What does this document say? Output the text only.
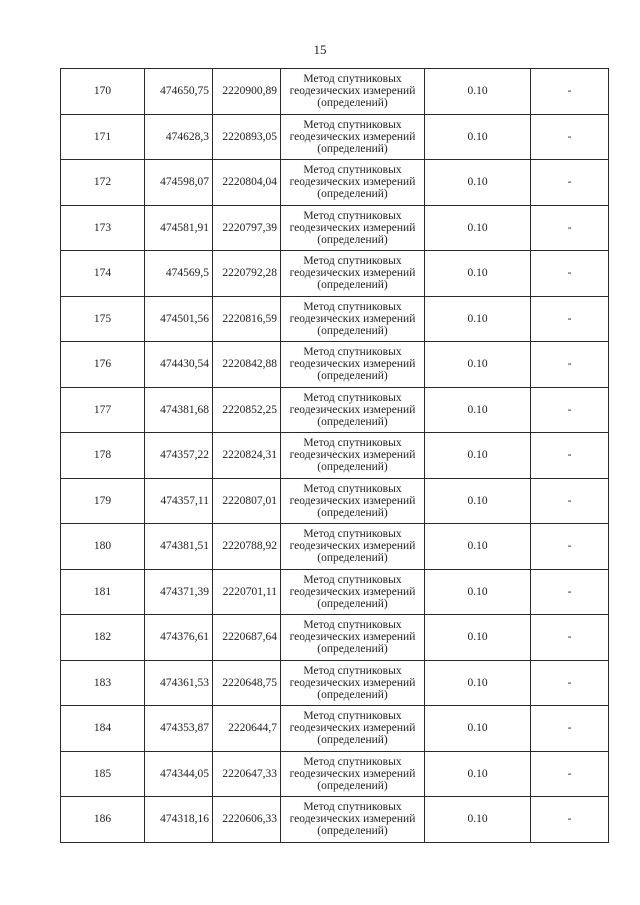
15
170	474650,75	2220900,89	Метод спутниковых
геодезических измерений
(определений)	0.10	-
171	474628,3	2220893,05	Метод спутниковых
геодезических измерений
(определений)	0.10	-
172	474598,07	2220804,04	Метод спутниковых
геодезических измерений
(определений)	0.10	-
173	474581,91	2220797,39	Метод спутниковых
геодезических измерений
(определений)	0.10	-
174	474569,5	2220792,28	Метод спутниковых
геодезических измерений
(определений)	0.10	-
175	474501,56	2220816,59	Метод спутниковых
геодезических измерений
(определений)	0.10	-
176	474430,54	2220842,88	Метод спутниковых
геодезических измерений
(определений)	0.10	-
177	474381,68	2220852,25	Метод спутниковых
геодезических измерений
(определений)	0.10	-
178	474357,22	2220824,31	Метод спутниковых
геодезических измерений
(определений)	0.10	-
179	474357,11	2220807,01	Метод спутниковых
геодезических измерений
(определений)	0.10	-
180	474381,51	2220788,92	Метод спутниковых
геодезических измерений
(определений)	0.10	-
181	474371,39	2220701,11	Метод спутниковых
геодезических измерений
(определений)	0.10	-
182	474376,61	2220687,64	Метод спутниковых
геодезических измерений
(определений)	0.10	-
183	474361,53	2220648,75	Метод спутниковых
геодезических измерений
(определений)	0.10	-
184	474353,87	2220644,7	Метод спутниковых
геодезических измерений
(определений)	0.10	-
185	474344,05	2220647,33	Метод спутниковых
геодезических измерений
(определений)	0.10	-
186	474318,16	2220606,33	Метод спутниковых
геодезических измерений
(определений)	0.10	-
